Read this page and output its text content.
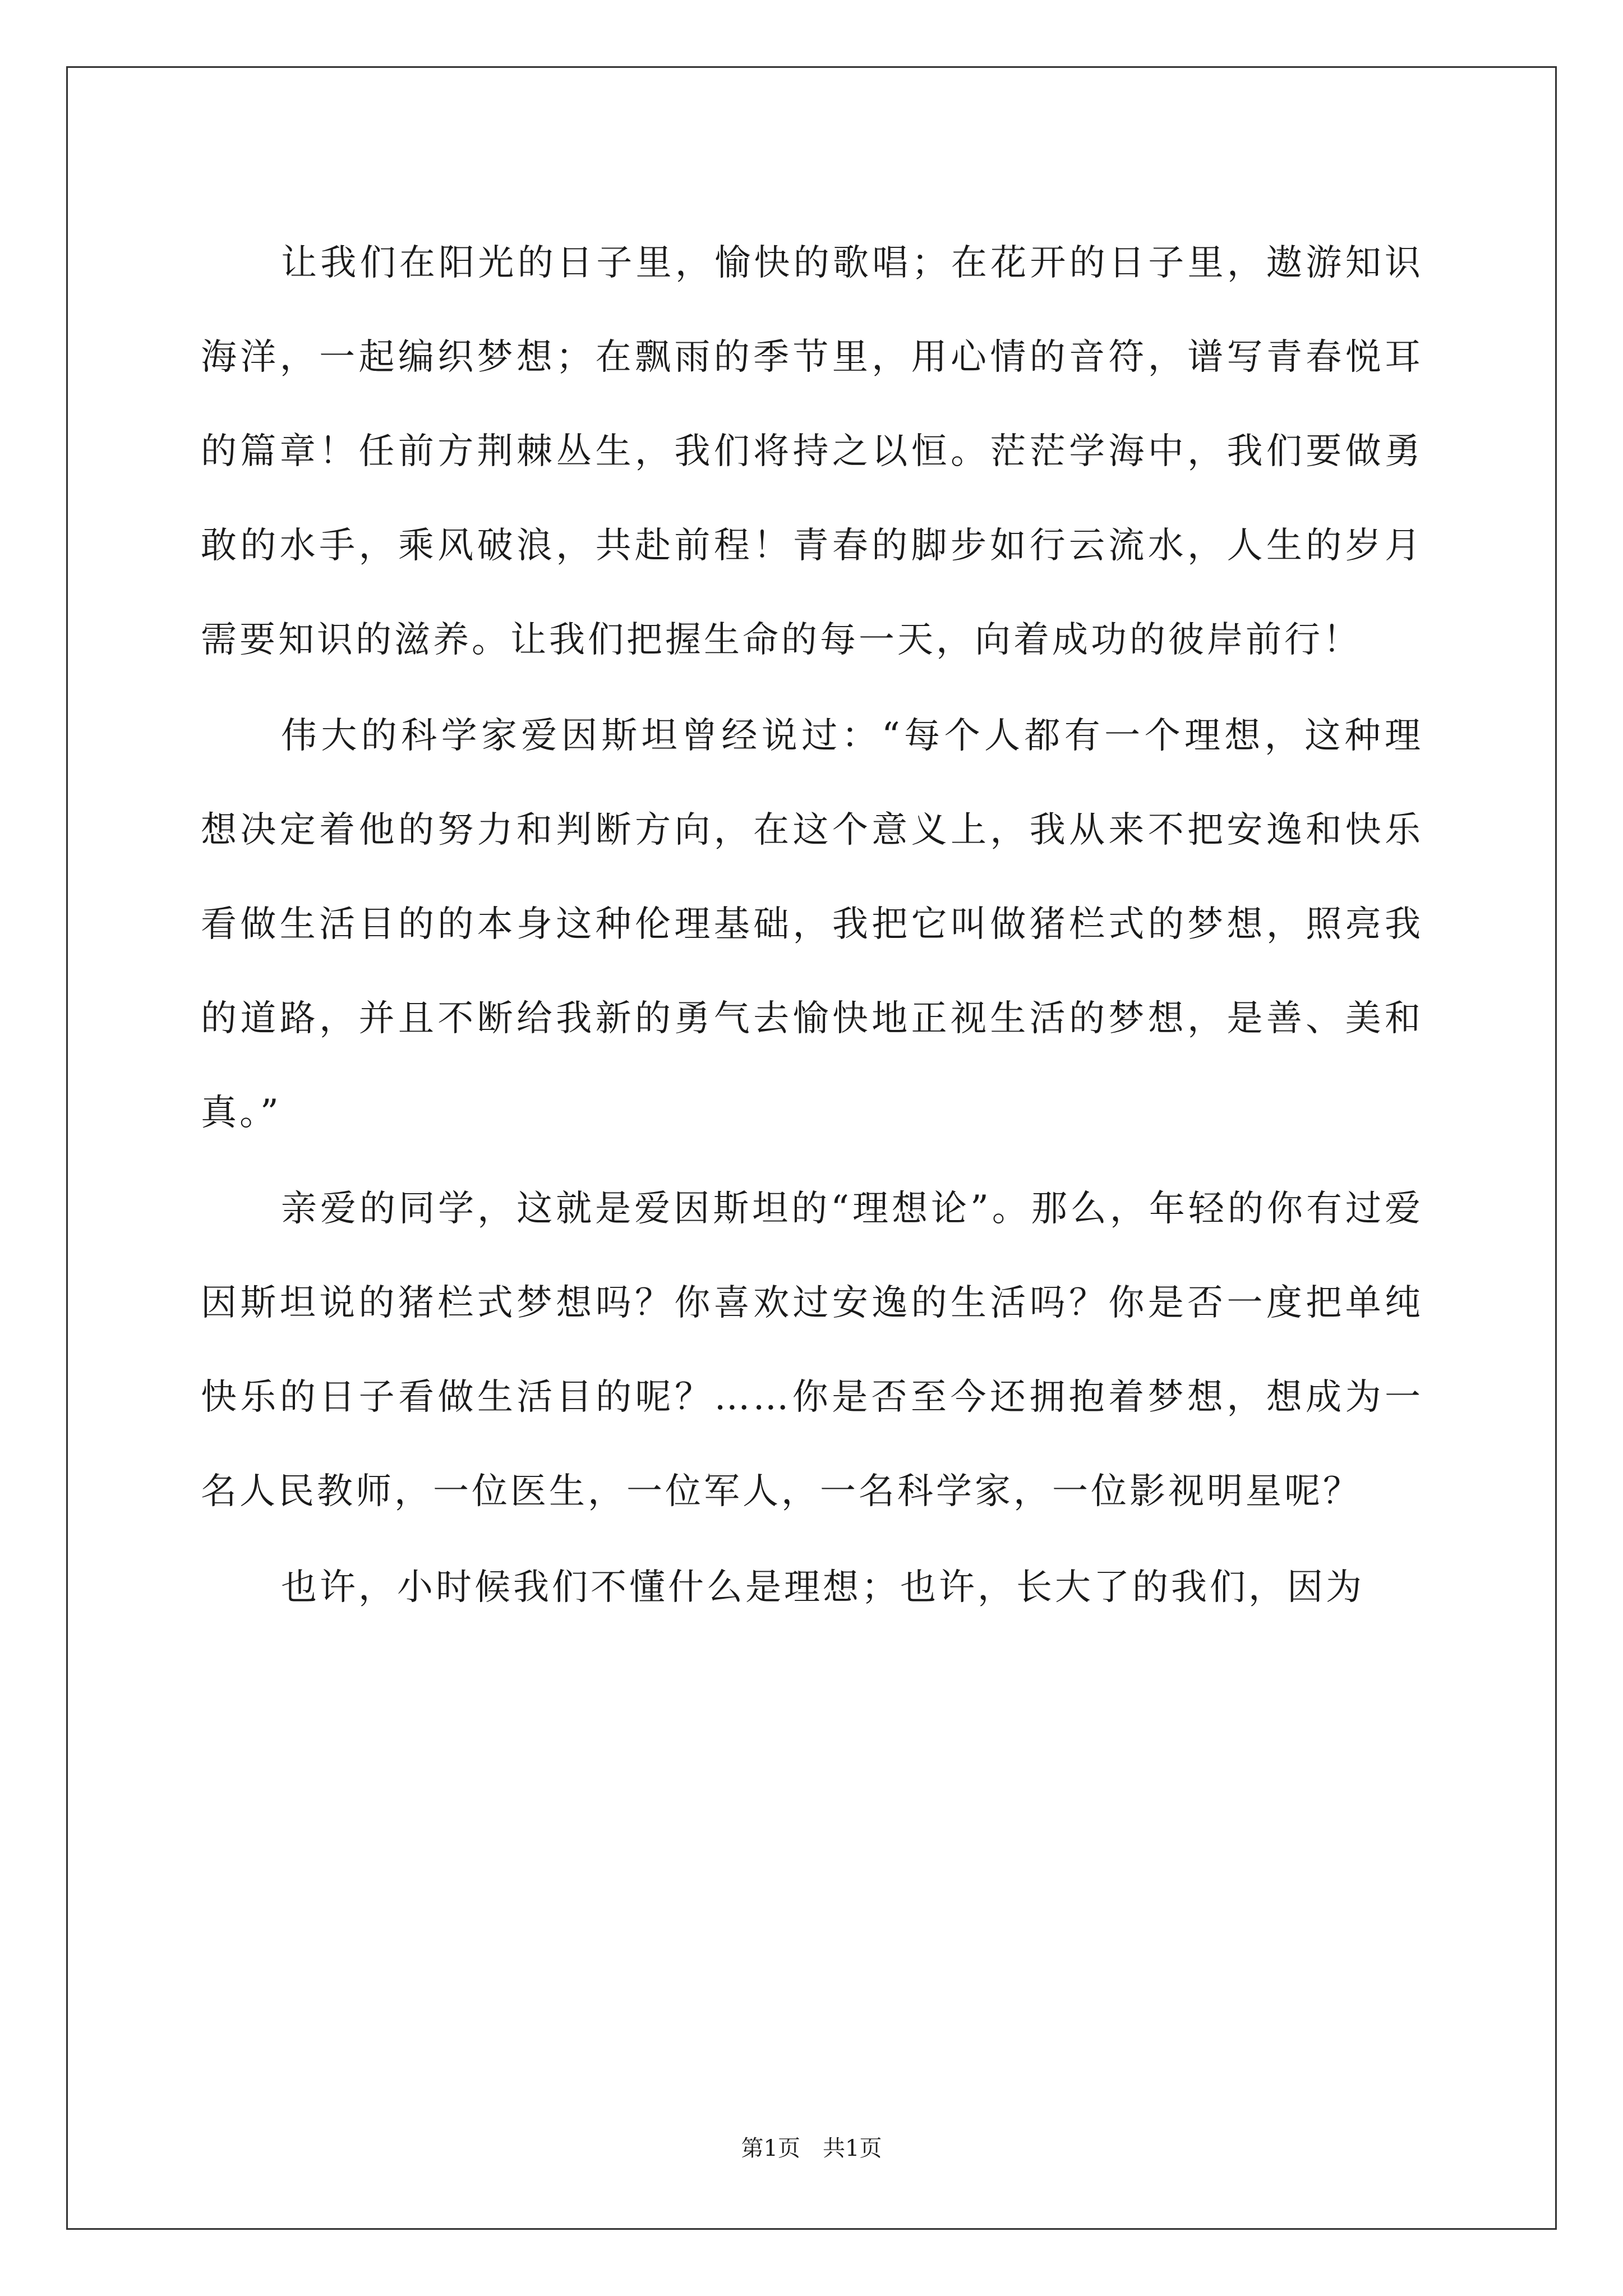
让我们在阳光的日子里，愉快的歌唱；在花开的日子里，遨游知识海洋，一起编织梦想；在飘雨的季节里，用心情的音符，谱写青春悦耳的篇章！任前方荆棘丛生，我们将持之以恒。茫茫学海中，我们要做勇敢的水手，乘风破浪，共赴前程！青春的脚步如行云流水，人生的岁月需要知识的滋养。让我们把握生命的每一天，向着成功的彼岸前行！

伟大的科学家爱因斯坦曾经说过：“每个人都有一个理想，这种理想决定着他的努力和判断方向，在这个意义上，我从来不把安逸和快乐看做生活目的的本身这种伦理基础，我把它叫做猪栏式的梦想，照亮我的道路，并且不断给我新的勇气去愉快地正视生活的梦想，是善、美和真。”

亲爱的同学，这就是爱因斯坦的“理想论”。那么，年轻的你有过爱因斯坦说的猪栏式梦想吗？你喜欢过安逸的生活吗？你是否一度把单纯快乐的日子看做生活目的呢？……你是否至今还拥抱着梦想，想成为一名人民教师，一位医生，一位军人，一名科学家，一位影视明星呢？

也许，小时候我们不懂什么是理想；也许，长大了的我们，因为

第1页 共1页
